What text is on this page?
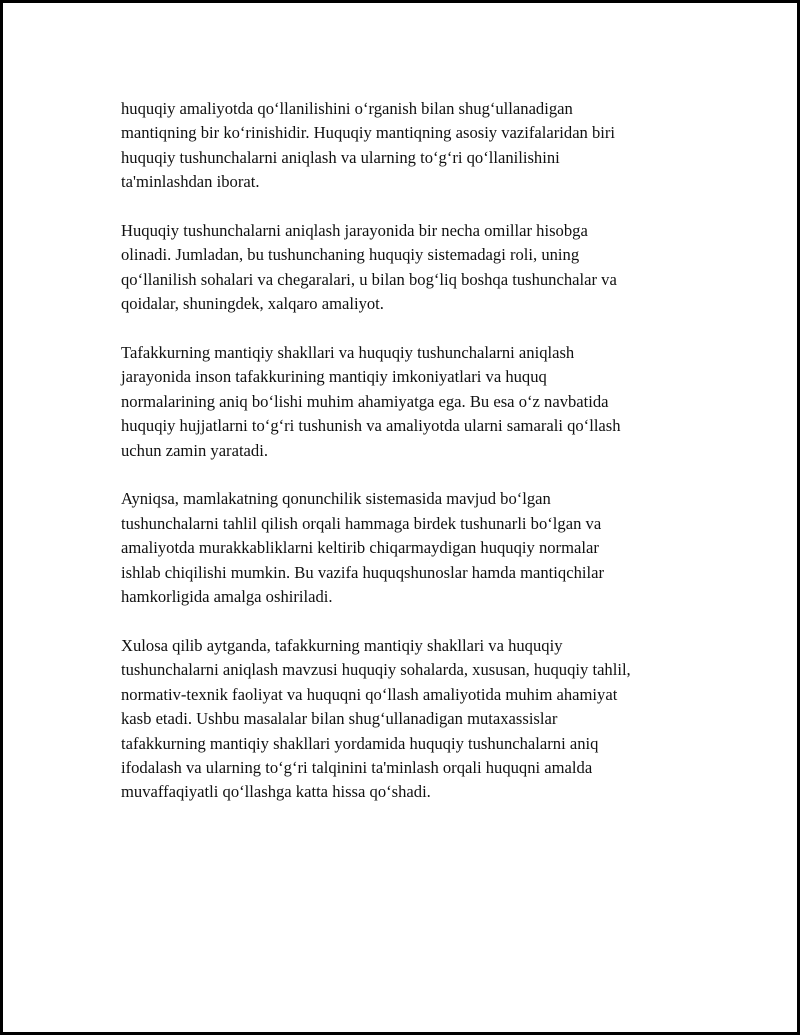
huquqiy amaliyotda qo‘llanilishini o‘rganish bilan shug‘ullanadigan
mantiqning bir ko‘rinishidir. Huquqiy mantiqning asosiy vazifalaridan biri
huquqiy tushunchalarni aniqlash va ularning to‘g‘ri qo‘llanilishini
ta'minlashdan iborat.

Huquqiy tushunchalarni aniqlash jarayonida bir necha omillar hisobga
olinadi. Jumladan, bu tushunchaning huquqiy sistemadagi roli, uning
qo‘llanilish sohalari va chegaralari, u bilan bog‘liq boshqa tushunchalar va
qoidalar, shuningdek, xalqaro amaliyot.

Tafakkurning mantiqiy shakllari va huquqiy tushunchalarni aniqlash
jarayonida inson tafakkurining mantiqiy imkoniyatlari va huquq
normalarining aniq bo‘lishi muhim ahamiyatga ega. Bu esa o‘z navbatida
huquqiy hujjatlarni to‘g‘ri tushunish va amaliyotda ularni samarali qo‘llash
uchun zamin yaratadi.

Ayniqsa, mamlakatning qonunchilik sistemasida mavjud bo‘lgan
tushunchalarni tahlil qilish orqali hammaga birdek tushunarli bo‘lgan va
amaliyotda murakkabliklarni keltirib chiqarmaydigan huquqiy normalar
ishlab chiqilishi mumkin. Bu vazifa huquqshunoslar hamda mantiqchilar
hamkorligida amalga oshiriladi.

Xulosa qilib aytganda, tafakkurning mantiqiy shakllari va huquqiy
tushunchalarni aniqlash mavzusi huquqiy sohalarda, xususan, huquqiy tahlil,
normativ-texnik faoliyat va huquqni qo‘llash amaliyotida muhim ahamiyat
kasb etadi. Ushbu masalalar bilan shug‘ullanadigan mutaxassislar
tafakkurning mantiqiy shakllari yordamida huquqiy tushunchalarni aniq
ifodalash va ularning to‘g‘ri talqinini ta'minlash orqali huquqni amalda
muvaffaqiyatli qo‘llashga katta hissa qo‘shadi.
